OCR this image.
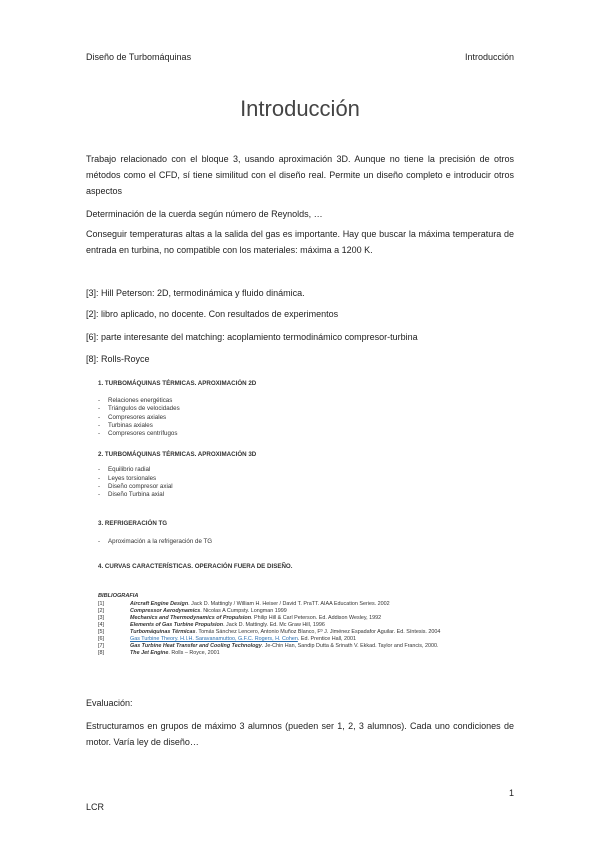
Diseño de Turbomáquinas	Introducción
Introducción
Trabajo relacionado con el bloque 3, usando aproximación 3D. Aunque no tiene la precisión de otros métodos como el CFD, sí tiene similitud con el diseño real. Permite un diseño completo e introducir otros aspectos
Determinación de la cuerda según número de Reynolds, …
Conseguir temperaturas altas a la salida del gas es importante. Hay que buscar la máxima temperatura de entrada en turbina, no compatible con los materiales: máxima a 1200 K.
[3]: Hill Peterson: 2D, termodinámica y fluido dinámica.
[2]: libro aplicado, no docente. Con resultados de experimentos
[6]: parte interesante del matching: acoplamiento termodinámico compresor-turbina
[8]: Rolls-Royce
1. TURBOMÁQUINAS TÉRMICAS. APROXIMACIÓN 2D
- Relaciones energéticas
- Triángulos de velocidades
- Compresores axiales
- Turbinas axiales
- Compresores centrífugos
2. TURBOMÁQUINAS TÉRMICAS. APROXIMACIÓN 3D
- Equilibrio radial
- Leyes torsionales
- Diseño compresor axial
- Diseño Turbina axial
3. REFRIGERACIÓN TG
- Aproximación a la refrigeración de TG
4. CURVAS CARACTERÍSTICAS. OPERACIÓN FUERA DE DISEÑO.
BIBLIOGRAFIA
[1]	Aircraft Engine Design. Jack D. Mattingly / William H. Heiser / David T. PraTT. AIAA Education Series. 2002
[2]	Compressor Aerodynamics. Nicolas A Cumpsty. Longman 1999
[3]	Mechanics and Thermodynamics of Propulsion. Philip Hill & Carl Peterson. Ed. Addison Wesley, 1992
[4]	Elements of Gas Turbine Propulsion. Jack D. Mattingly. Ed. Mc Graw Hill, 1996
[5]	Turbomáquinas Térmicas. Tomás Sánchez Lencero, Antonio Muñoz Blanco, Fº J. Jiménez Espadafor Aguilar. Ed. Síntesis. 2004
[6]	Gas Turbine Theory. H.I.H. Saravanamuttoo, G.F.C. Rogers, H. Cohen. Ed. Prentice Hall, 2001
[7]	Gas Turbine Heat Transfer and Cooling Technology. Je-Chin Han, Sandip Dutta & Srinath V. Ekkad. Taylor and Francis, 2000.
[8]	The Jet Engine. Rolls – Royce, 2001
Evaluación:
Estructuramos en grupos de máximo 3 alumnos (pueden ser 1, 2, 3 alumnos). Cada uno condiciones de motor. Varía ley de diseño…
1
LCR
